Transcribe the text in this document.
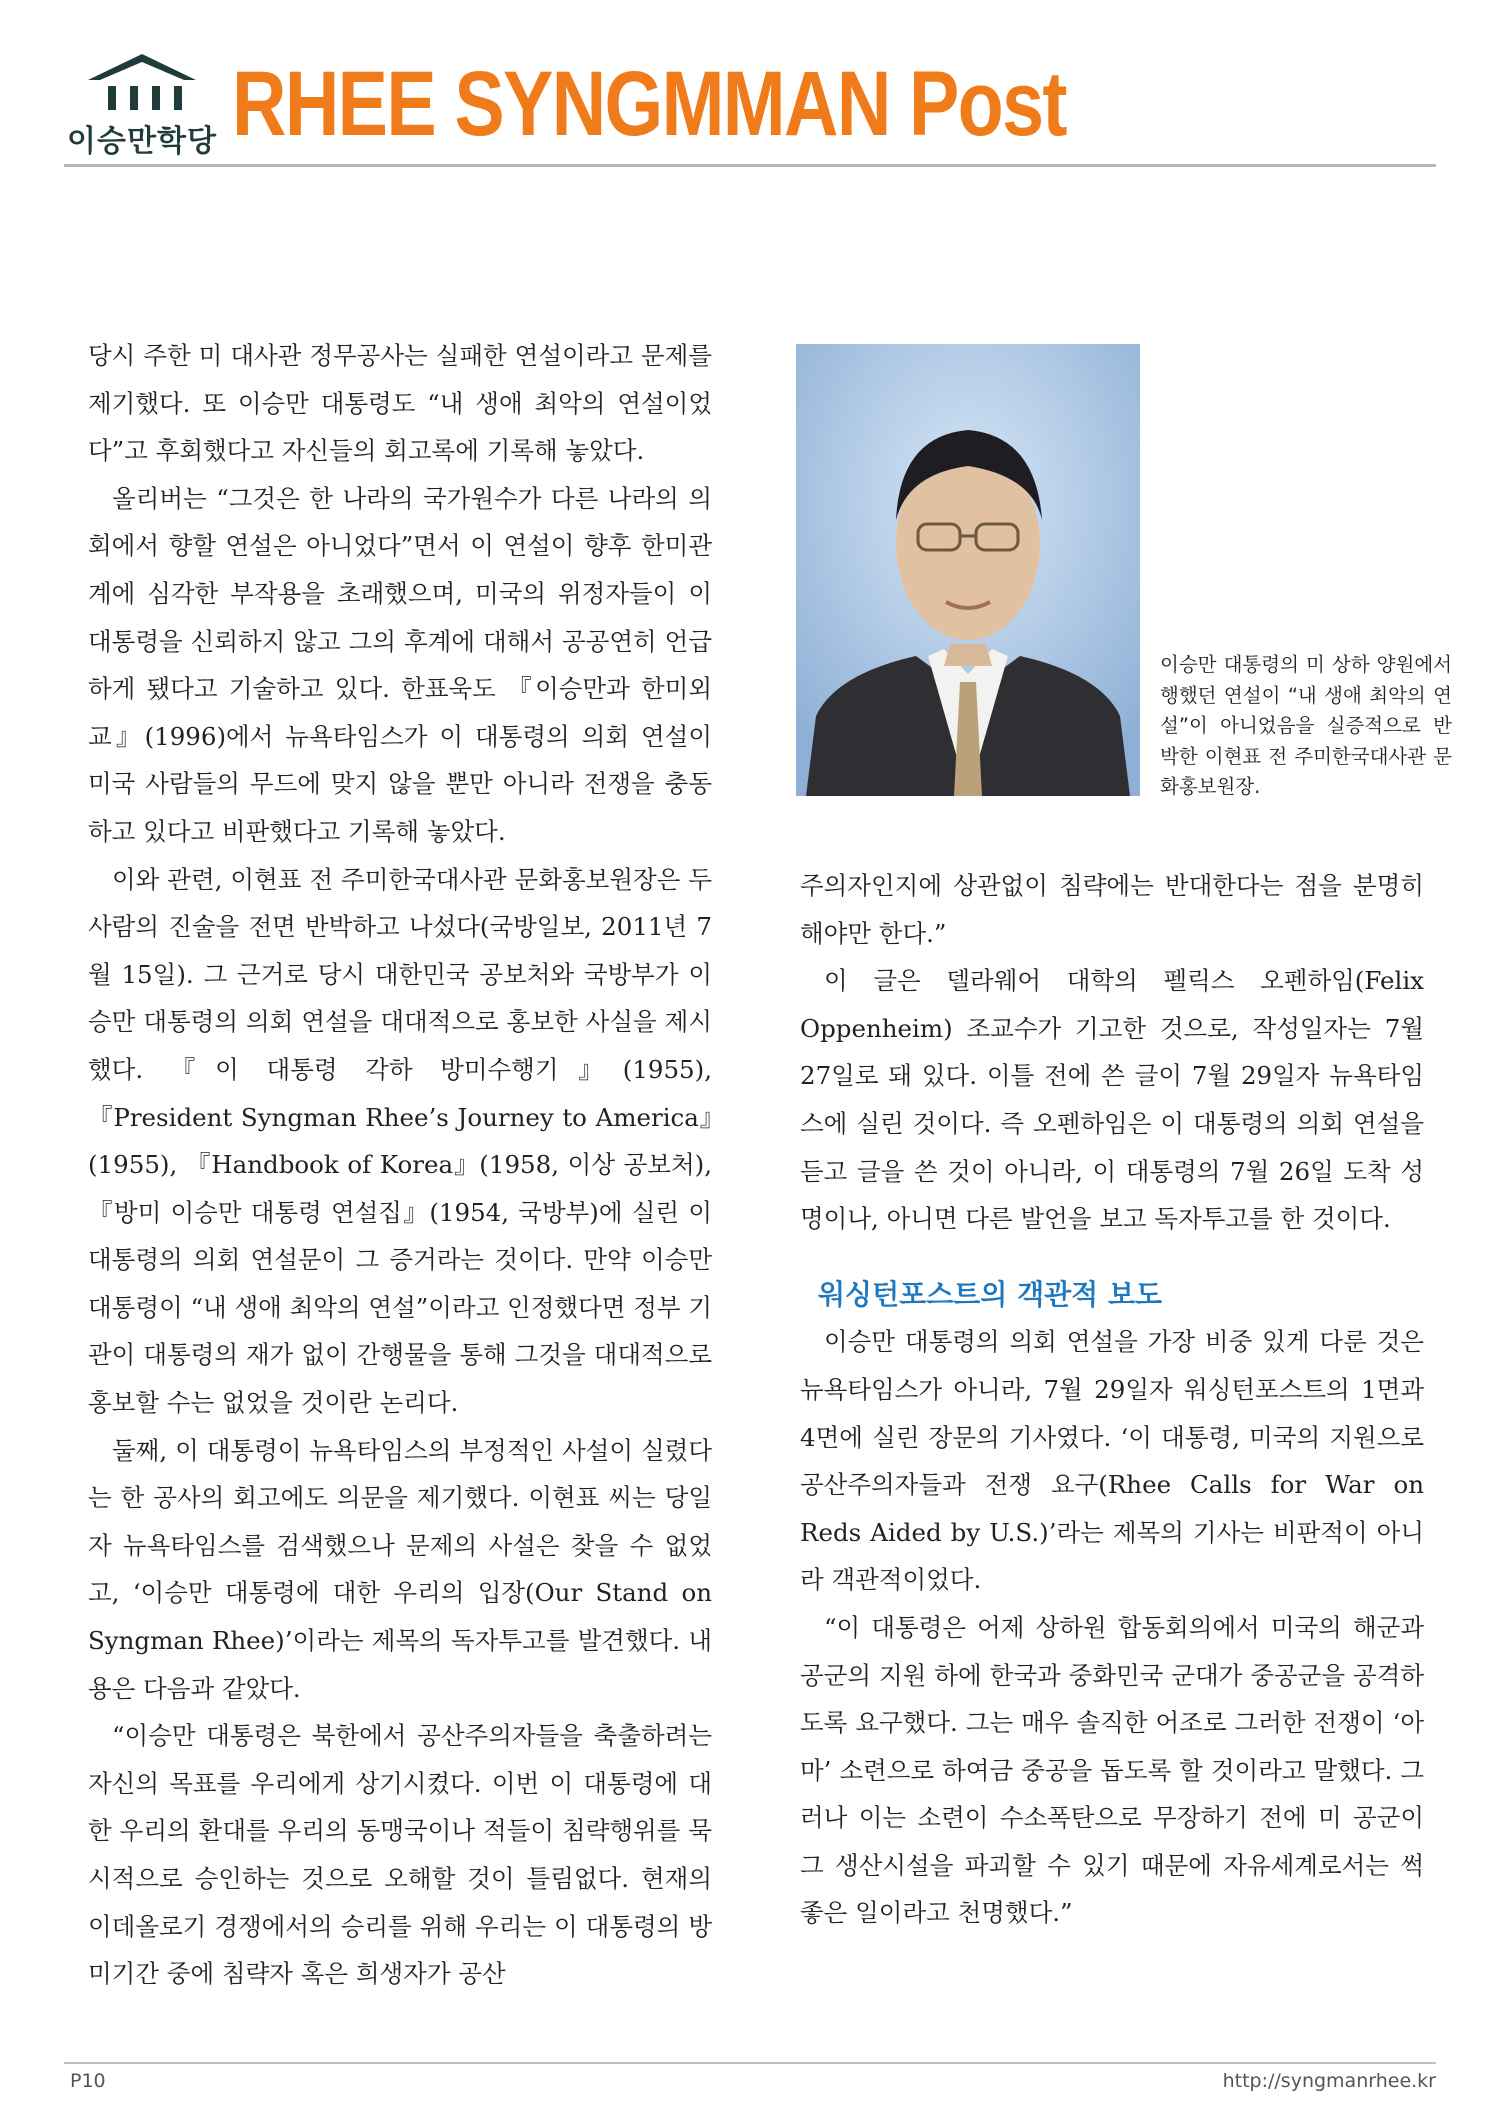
이승만학당 RHEE SYNGMMAN Post

당시 주한 미 대사관 정무공사는 실패한 연설이라고 문제를 제기했다. 또 이승만 대통령도 “내 생애 최악의 연설이었다”고 후회했다고 자신들의 회고록에 기록해 놓았다.

올리버는 “그것은 한 나라의 국가원수가 다른 나라의 의회에서 향할 연설은 아니었다”면서 이 연설이 향후 한미관계에 심각한 부작용을 초래했으며, 미국의 위정자들이 이 대통령을 신뢰하지 않고 그의 후계에 대해서 공공연히 언급하게 됐다고 기술하고 있다. 한표욱도 『이승만과 한미외교』(1996)에서 뉴욕타임스가 이 대통령의 의회 연설이 미국 사람들의 무드에 맞지 않을 뿐만 아니라 전쟁을 충동하고 있다고 비판했다고 기록해 놓았다.

이와 관련, 이현표 전 주미한국대사관 문화홍보원장은 두 사람의 진술을 전면 반박하고 나섰다(국방일보, 2011년 7월 15일). 그 근거로 당시 대한민국 공보처와 국방부가 이승만 대통령의 의회 연설을 대대적으로 홍보한 사실을 제시했다. 『이 대통령 각하 방미수행기』(1955), 『President Syngman Rhee’s Journey to America』(1955), 『Handbook of Korea』(1958, 이상 공보처), 『방미 이승만 대통령 연설집』(1954, 국방부)에 실린 이 대통령의 의회 연설문이 그 증거라는 것이다. 만약 이승만 대통령이 “내 생애 최악의 연설”이라고 인정했다면 정부 기관이 대통령의 재가 없이 간행물을 통해 그것을 대대적으로 홍보할 수는 없었을 것이란 논리다.

둘째, 이 대통령이 뉴욕타임스의 부정적인 사설이 실렸다는 한 공사의 회고에도 의문을 제기했다. 이현표 씨는 당일 자 뉴욕타임스를 검색했으나 문제의 사설은 찾을 수 없었고, ‘이승만 대통령에 대한 우리의 입장(Our Stand on Syngman Rhee)’이라는 제목의 독자투고를 발견했다. 내용은 다음과 같았다.

“이승만 대통령은 북한에서 공산주의자들을 축출하려는 자신의 목표를 우리에게 상기시켰다. 이번 이 대통령에 대한 우리의 환대를 우리의 동맹국이나 적들이 침략행위를 묵시적으로 승인하는 것으로 오해할 것이 틀림없다. 현재의 이데올로기 경쟁에서의 승리를 위해 우리는 이 대통령의 방미기간 중에 침략자 혹은 희생자가 공산

이승만 대통령의 미 상하 양원에서 행했던 연설이 “내 생애 최악의 연설”이 아니었음을 실증적으로 반박한 이현표 전 주미한국대사관 문화홍보원장.

주의자인지에 상관없이 침략에는 반대한다는 점을 분명히 해야만 한다.”

이 글은 델라웨어 대학의 펠릭스 오펜하임(Felix Oppenheim) 조교수가 기고한 것으로, 작성일자는 7월 27일로 돼 있다. 이틀 전에 쓴 글이 7월 29일자 뉴욕타임스에 실린 것이다. 즉 오펜하임은 이 대통령의 의회 연설을 듣고 글을 쓴 것이 아니라, 이 대통령의 7월 26일 도착 성명이나, 아니면 다른 발언을 보고 독자투고를 한 것이다.

워싱턴포스트의 객관적 보도

이승만 대통령의 의회 연설을 가장 비중 있게 다룬 것은 뉴욕타임스가 아니라, 7월 29일자 워싱턴포스트의 1면과 4면에 실린 장문의 기사였다. ‘이 대통령, 미국의 지원으로 공산주의자들과 전쟁 요구(Rhee Calls for War on Reds Aided by U.S.)’라는 제목의 기사는 비판적이 아니라 객관적이었다.

“이 대통령은 어제 상하원 합동회의에서 미국의 해군과 공군의 지원 하에 한국과 중화민국 군대가 중공군을 공격하도록 요구했다. 그는 매우 솔직한 어조로 그러한 전쟁이 ‘아마’ 소련으로 하여금 중공을 돕도록 할 것이라고 말했다. 그러나 이는 소련이 수소폭탄으로 무장하기 전에 미 공군이 그 생산시설을 파괴할 수 있기 때문에 자유세계로서는 썩 좋은 일이라고 천명했다.”

P10	http://syngmanrhee.kr
